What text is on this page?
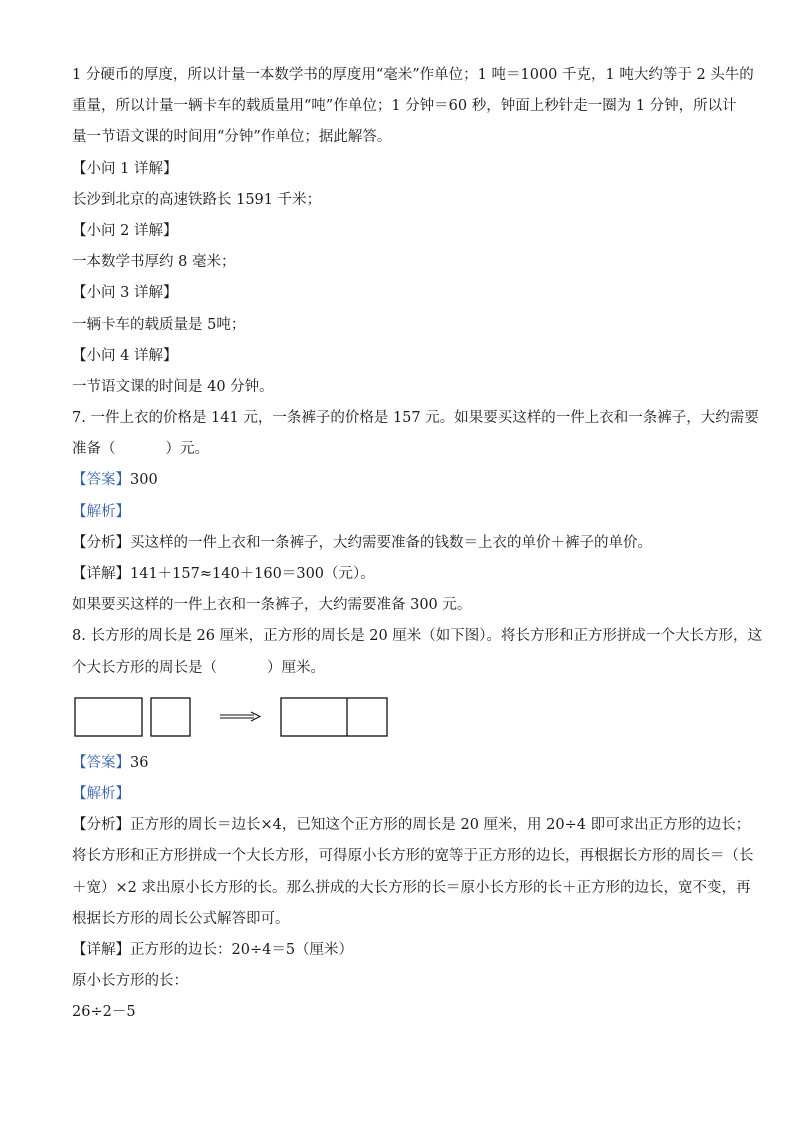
1 分硬币的厚度，所以计量一本数学书的厚度用“毫米”作单位；1 吨＝1000 千克，1 吨大约等于 2 头牛的
重量，所以计量一辆卡车的载质量用“吨”作单位；1 分钟＝60 秒，钟面上秒针走一圈为 1 分钟，所以计
量一节语文课的时间用“分钟”作单位；据此解答。
【小问 1 详解】
长沙到北京的高速铁路长 1591 千米；
【小问 2 详解】
一本数学书厚约 8 毫米；
【小问 3 详解】
一辆卡车的载质量是 5吨；
【小问 4 详解】
一节语文课的时间是 40 分钟。
7. 一件上衣的价格是 141 元，一条裤子的价格是 157 元。如果要买这样的一件上衣和一条裤子，大约需要
准备（	）元。
【答案】300
【解析】
【分析】买这样的一件上衣和一条裤子，大约需要准备的钱数＝上衣的单价＋裤子的单价。
【详解】141＋157≈140＋160＝300（元）。
如果要买这样的一件上衣和一条裤子，大约需要准备 300 元。
8. 长方形的周长是 26 厘米，正方形的周长是 20 厘米（如下图）。将长方形和正方形拼成一个大长方形，这
个大长方形的周长是（	）厘米。
【答案】36
【解析】
【分析】正方形的周长＝边长×4，已知这个正方形的周长是 20 厘米，用 20÷4 即可求出正方形的边长；
将长方形和正方形拼成一个大长方形，可得原小长方形的宽等于正方形的边长，再根据长方形的周长＝（长
＋宽）×2 求出原小长方形的长。那么拼成的大长方形的长＝原小长方形的长＋正方形的边长，宽不变，再
根据长方形的周长公式解答即可。
【详解】正方形的边长：20÷4＝5（厘米）
原小长方形的长：
26÷2－5
